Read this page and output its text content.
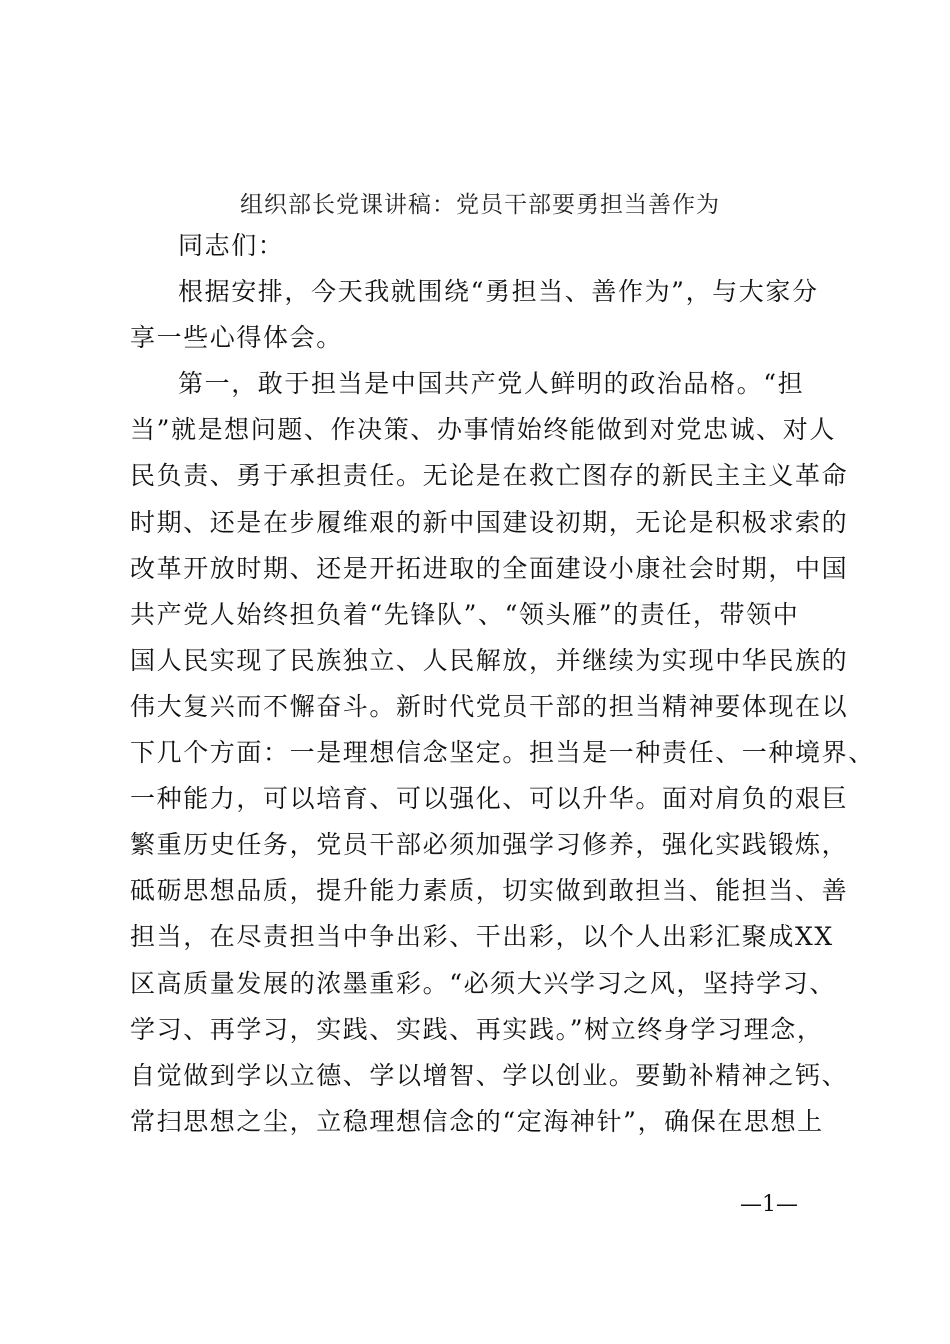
组织部长党课讲稿：党员干部要勇担当善作为
同志们：
根据安排，今天我就围绕“勇担当、善作为”，与大家分
享一些心得体会。
第一，敢于担当是中国共产党人鲜明的政治品格。“担
当”就是想问题、作决策、办事情始终能做到对党忠诚、对人
民负责、勇于承担责任。无论是在救亡图存的新民主主义革命
时期、还是在步履维艰的新中国建设初期，无论是积极求索的
改革开放时期、还是开拓进取的全面建设小康社会时期，中国
共产党人始终担负着“先锋队”、“领头雁”的责任，带领中
国人民实现了民族独立、人民解放，并继续为实现中华民族的
伟大复兴而不懈奋斗。新时代党员干部的担当精神要体现在以
下几个方面：一是理想信念坚定。担当是一种责任、一种境界、
一种能力，可以培育、可以强化、可以升华。面对肩负的艰巨
繁重历史任务，党员干部必须加强学习修养，强化实践锻炼，
砥砺思想品质，提升能力素质，切实做到敢担当、能担当、善
担当，在尽责担当中争出彩、干出彩，以个人出彩汇聚成XX
区高质量发展的浓墨重彩。“必须大兴学习之风，坚持学习、
学习、再学习，实践、实践、再实践。”树立终身学习理念，
自觉做到学以立德、学以增智、学以创业。要勤补精神之钙、
常扫思想之尘，立稳理想信念的“定海神针”，确保在思想上
—1—
